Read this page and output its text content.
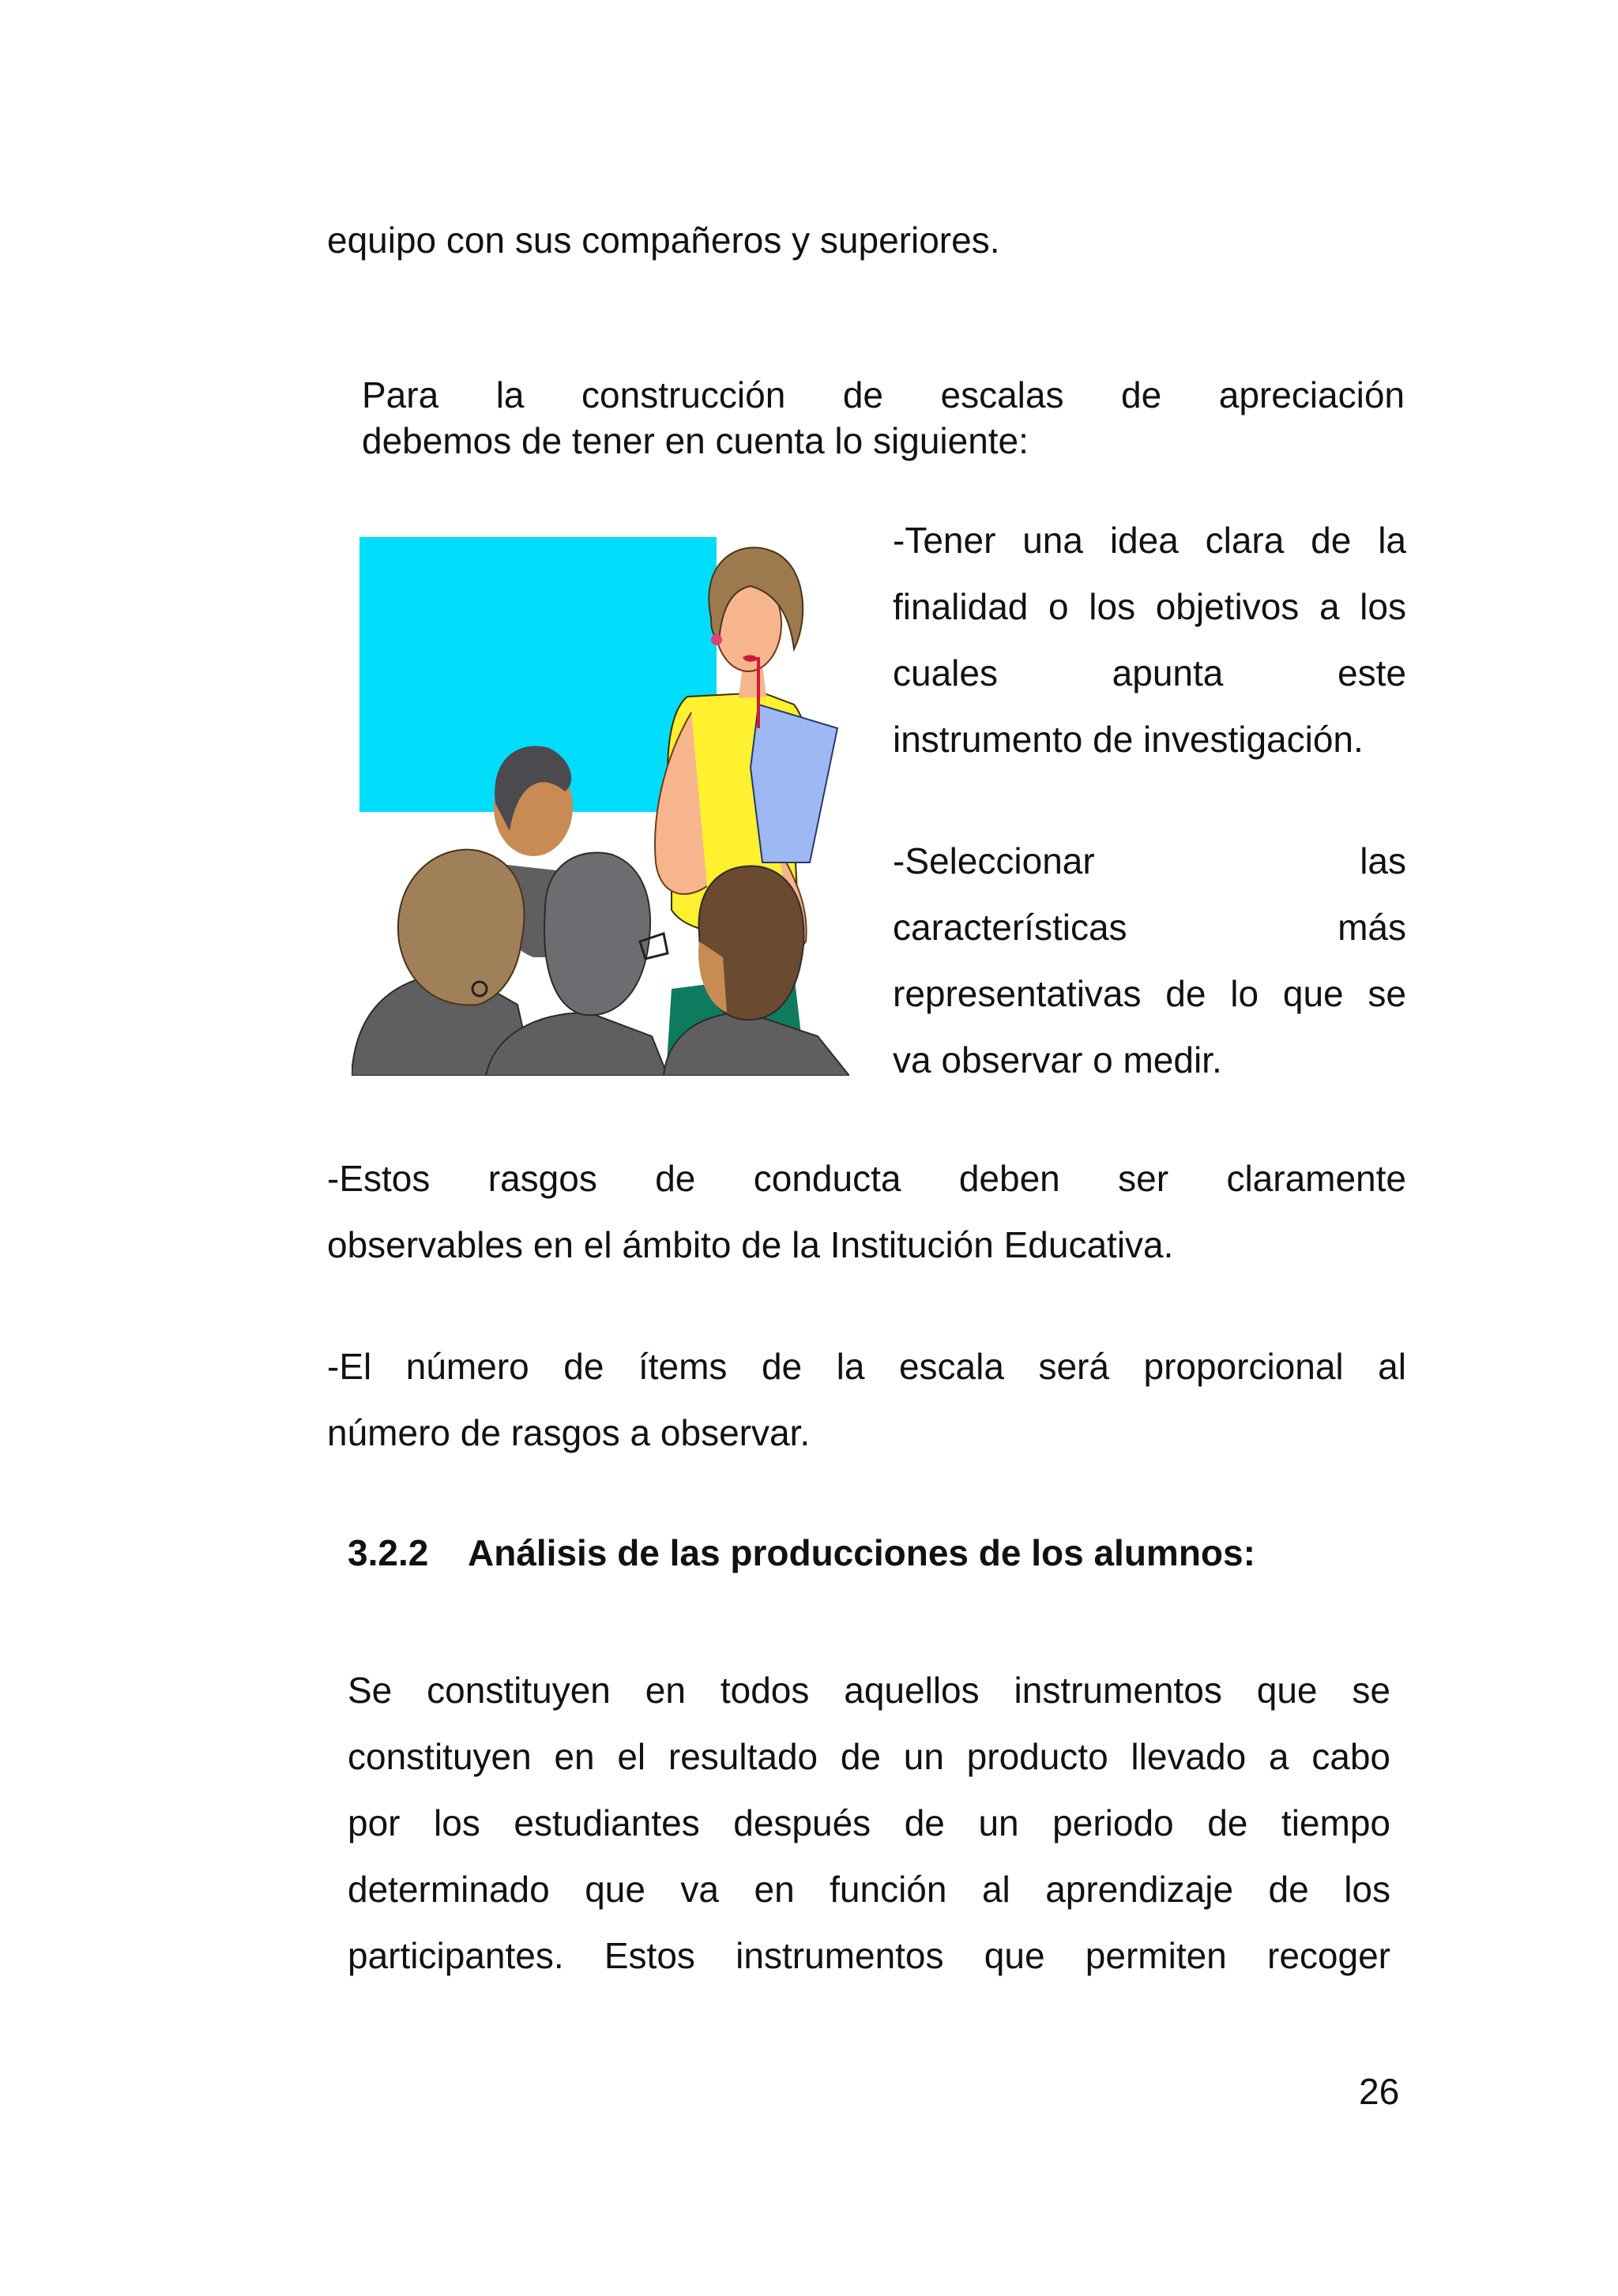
equipo con sus compañeros y superiores.
Para la construcción de escalas de apreciación
debemos de tener en cuenta lo siguiente:
-Tener una idea clara de la
finalidad o los objetivos a los
cuales apunta este
instrumento de investigación.
-Seleccionar las
características más
representativas de lo que se
va observar o medir.
-Estos rasgos de conducta deben ser claramente
observables en el ámbito de la Institución Educativa.
-El número de ítems de la escala será proporcional al
número de rasgos a observar.
3.2.2 Análisis de las producciones de los alumnos:
Se constituyen en todos aquellos instrumentos que se
constituyen en el resultado de un producto llevado a cabo
por los estudiantes después de un periodo de tiempo
determinado que va en función al aprendizaje de los
participantes. Estos instrumentos que permiten recoger
26
